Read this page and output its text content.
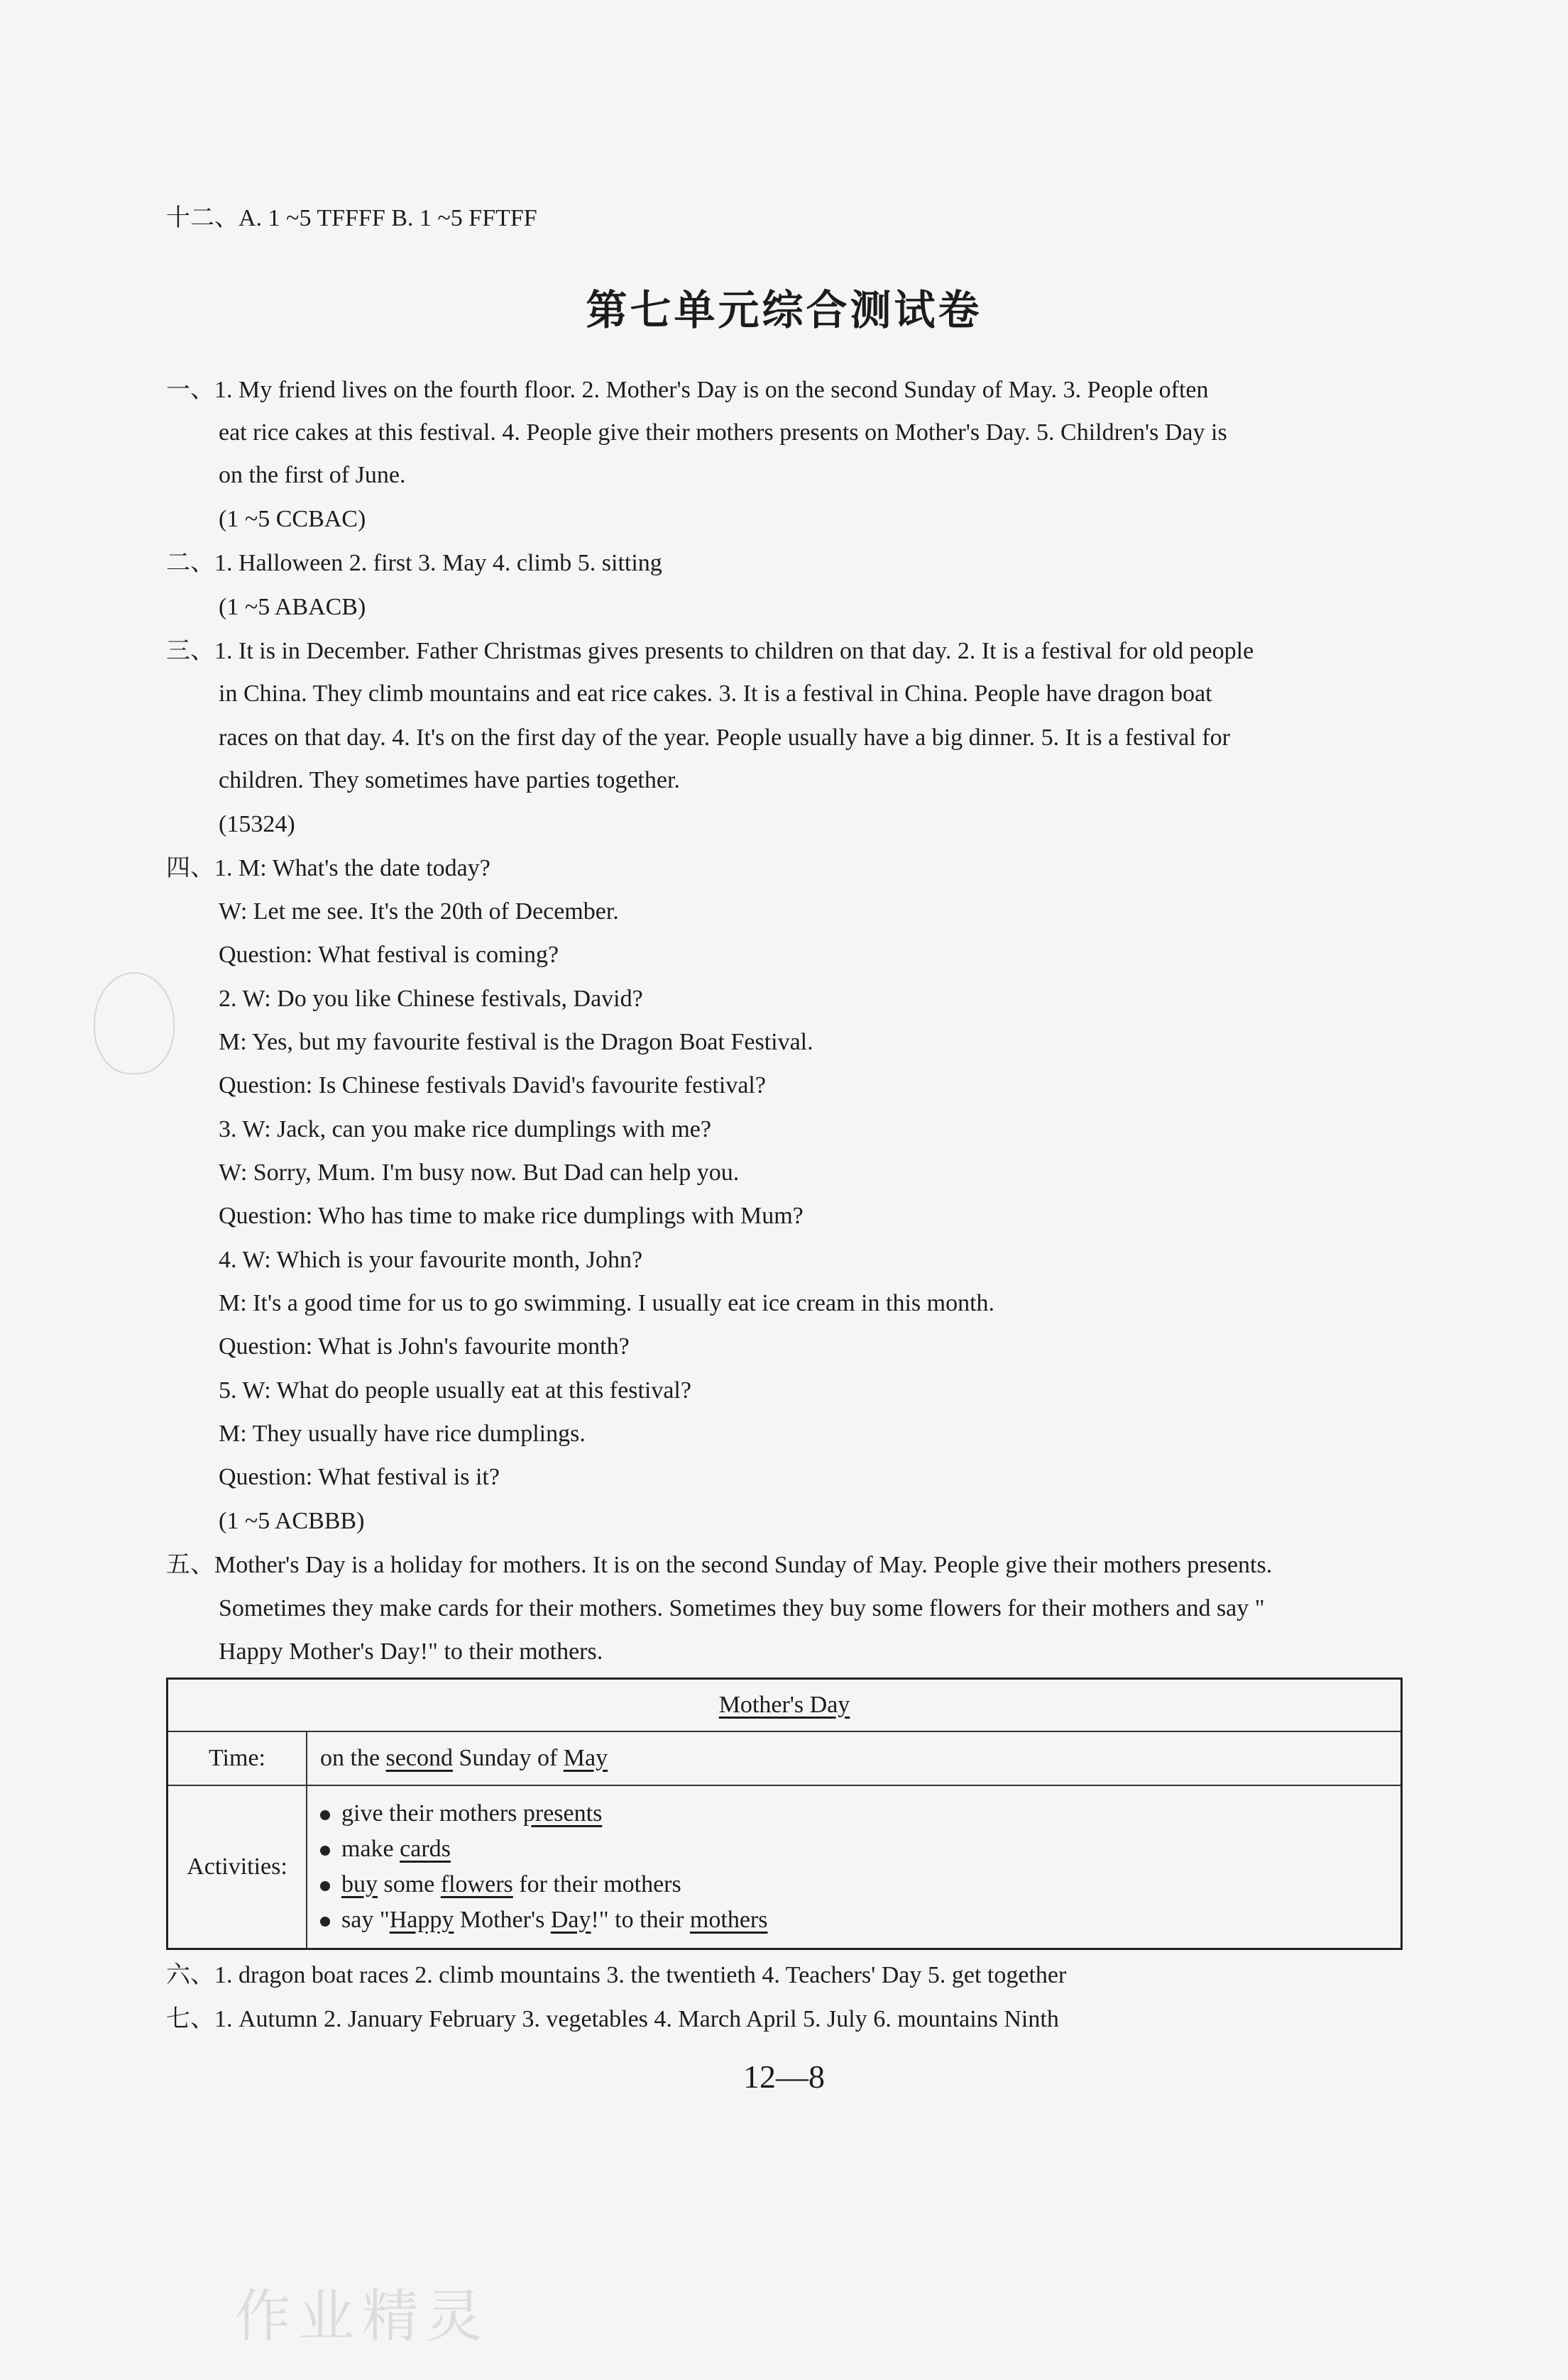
十二、A. 1 ~5 TFFFF B. 1 ~5 FFTFF
第七单元综合测试卷
一、1. My friend lives on the fourth floor. 2. Mother's Day is on the second Sunday of May. 3. People often
eat rice cakes at this festival. 4. People give their mothers presents on Mother's Day. 5. Children's Day is
on the first of June.
(1 ~5 CCBAC)
二、1. Halloween 2. first 3. May 4. climb 5. sitting
(1 ~5 ABACB)
三、1. It is in December. Father Christmas gives presents to children on that day. 2. It is a festival for old people
in China. They climb mountains and eat rice cakes. 3. It is a festival in China. People have dragon boat
races on that day. 4. It's on the first day of the year. People usually have a big dinner. 5. It is a festival for
children. They sometimes have parties together.
(15324)
四、1. M: What's the date today?
W: Let me see. It's the 20th of December.
Question: What festival is coming?
2. W: Do you like Chinese festivals, David?
M: Yes, but my favourite festival is the Dragon Boat Festival.
Question: Is Chinese festivals David's favourite festival?
3. W: Jack, can you make rice dumplings with me?
W: Sorry, Mum. I'm busy now. But Dad can help you.
Question: Who has time to make rice dumplings with Mum?
4. W: Which is your favourite month, John?
M: It's a good time for us to go swimming. I usually eat ice cream in this month.
Question: What is John's favourite month?
5. W: What do people usually eat at this festival?
M: They usually have rice dumplings.
Question: What festival is it?
(1 ~5 ACBBB)
五、Mother's Day is a holiday for mothers. It is on the second Sunday of May. People give their mothers presents.
Sometimes they make cards for their mothers. Sometimes they buy some flowers for their mothers and say "
Happy Mother's Day!" to their mothers.
Mother's Day	
Time:	on the second Sunday of May
Activities:	give their mothers presents
make cards
buy some flowers for their mothers
say "Happy Mother's Day!" to their mothers
六、1. dragon boat races 2. climb mountains 3. the twentieth 4. Teachers' Day 5. get together
七、1. Autumn 2. January February 3. vegetables 4. March April 5. July 6. mountains Ninth
12—8
作业精灵
